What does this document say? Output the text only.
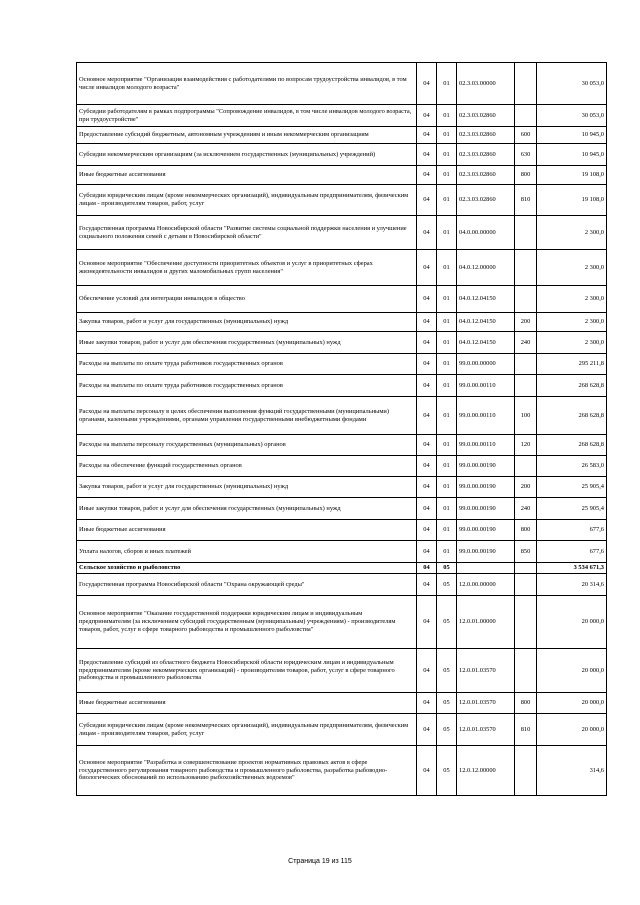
Основное мероприятие "Организация взаимодействия с работодателями по вопросам трудоустройства инвалидов, в том числе инвалидов молодого возраста"	04	01	02.3.03.00000		30 053,0
Субсидии работодателям в рамках подпрограммы "Сопровождение инвалидов, в том числе инвалидов молодого возраста, при трудоустройстве"	04	01	02.3.03.02860		30 053,0
Предоставление субсидий бюджетным, автономным учреждениям и иным некоммерческим организациям	04	01	02.3.03.02860	600	10 945,0
Субсидии некоммерческим организациям (за исключением государственных (муниципальных) учреждений)	04	01	02.3.03.02860	630	10 945,0
Иные бюджетные ассигнования	04	01	02.3.03.02860	800	19 108,0
Субсидии юридическим лицам (кроме некоммерческих организаций), индивидуальным предпринимателям, физическим лицам - производителям товаров, работ, услуг	04	01	02.3.03.02860	810	19 108,0
Государственная программа Новосибирской области "Развитие системы социальной поддержки населения и улучшение социального положения семей с детьми в Новосибирской области"	04	01	04.0.00.00000		2 300,0
Основное мероприятие "Обеспечение доступности приоритетных объектов и услуг в приоритетных сферах жизнедеятельности инвалидов и других маломобильных групп населения"	04	01	04.0.12.00000		2 300,0
Обеспечение условий для интеграции инвалидов в общество	04	01	04.0.12.04150		2 300,0
Закупка товаров, работ и услуг для государственных (муниципальных) нужд	04	01	04.0.12.04150	200	2 300,0
Иные закупки товаров, работ и услуг для обеспечения государственных (муниципальных) нужд	04	01	04.0.12.04150	240	2 300,0
Расходы на выплаты по оплате труда работников государственных органов	04	01	99.0.00.00000		295 211,8
Расходы на выплаты по оплате труда работников государственных органов	04	01	99.0.00.00110		268 628,8
Расходы на выплаты персоналу в целях обеспечения выполнения функций государственными (муниципальными) органами, казенными учреждениями, органами управления государственными внебюджетными фондами	04	01	99.0.00.00110	100	268 628,8
Расходы на выплаты персоналу государственных (муниципальных) органов	04	01	99.0.00.00110	120	268 628,8
Расходы на обеспечение функций государственных органов	04	01	99.0.00.00190		26 583,0
Закупка товаров, работ и услуг для государственных (муниципальных) нужд	04	01	99.0.00.00190	200	25 905,4
Иные закупки товаров, работ и услуг для обеспечения государственных (муниципальных) нужд	04	01	99.0.00.00190	240	25 905,4
Иные бюджетные ассигнования	04	01	99.0.00.00190	800	677,6
Уплата налогов, сборов и иных платежей	04	01	99.0.00.00190	850	677,6
Сельское хозяйство и рыболовство	04	05			3 534 671,3
Государственная программа Новосибирской области "Охрана окружающей среды"	04	05	12.0.00.00000		20 314,6
Основное мероприятие "Оказание государственной поддержки юридическим лицам и индивидуальным предпринимателям (за исключением субсидий государственным (муниципальным) учреждениям) - производителям товаров, работ, услуг в сфере товарного рыбоводства и промышленного рыболовства"	04	05	12.0.01.00000		20 000,0
Предоставление субсидий из областного бюджета Новосибирской области юридическим лицам и индивидуальным предпринимателям (кроме некоммерческих организаций) - производителям товаров, работ, услуг в сфере товарного рыбоводства и промышленного рыболовства	04	05	12.0.01.03570		20 000,0
Иные бюджетные ассигнования	04	05	12.0.01.03570	800	20 000,0
Субсидии юридическим лицам (кроме некоммерческих организаций), индивидуальным предпринимателям, физическим лицам - производителям товаров, работ, услуг	04	05	12.0.01.03570	810	20 000,0
Основное мероприятие "Разработка и совершенствование проектов нормативных правовых актов в сфере государственного регулирования товарного рыбоводства и промышленного рыболовства, разработка рыбоводно-биологических обоснований по использованию рыбохозяйственных водоемов"	04	05	12.0.12.00000		314,6
Страница 19 из 115
